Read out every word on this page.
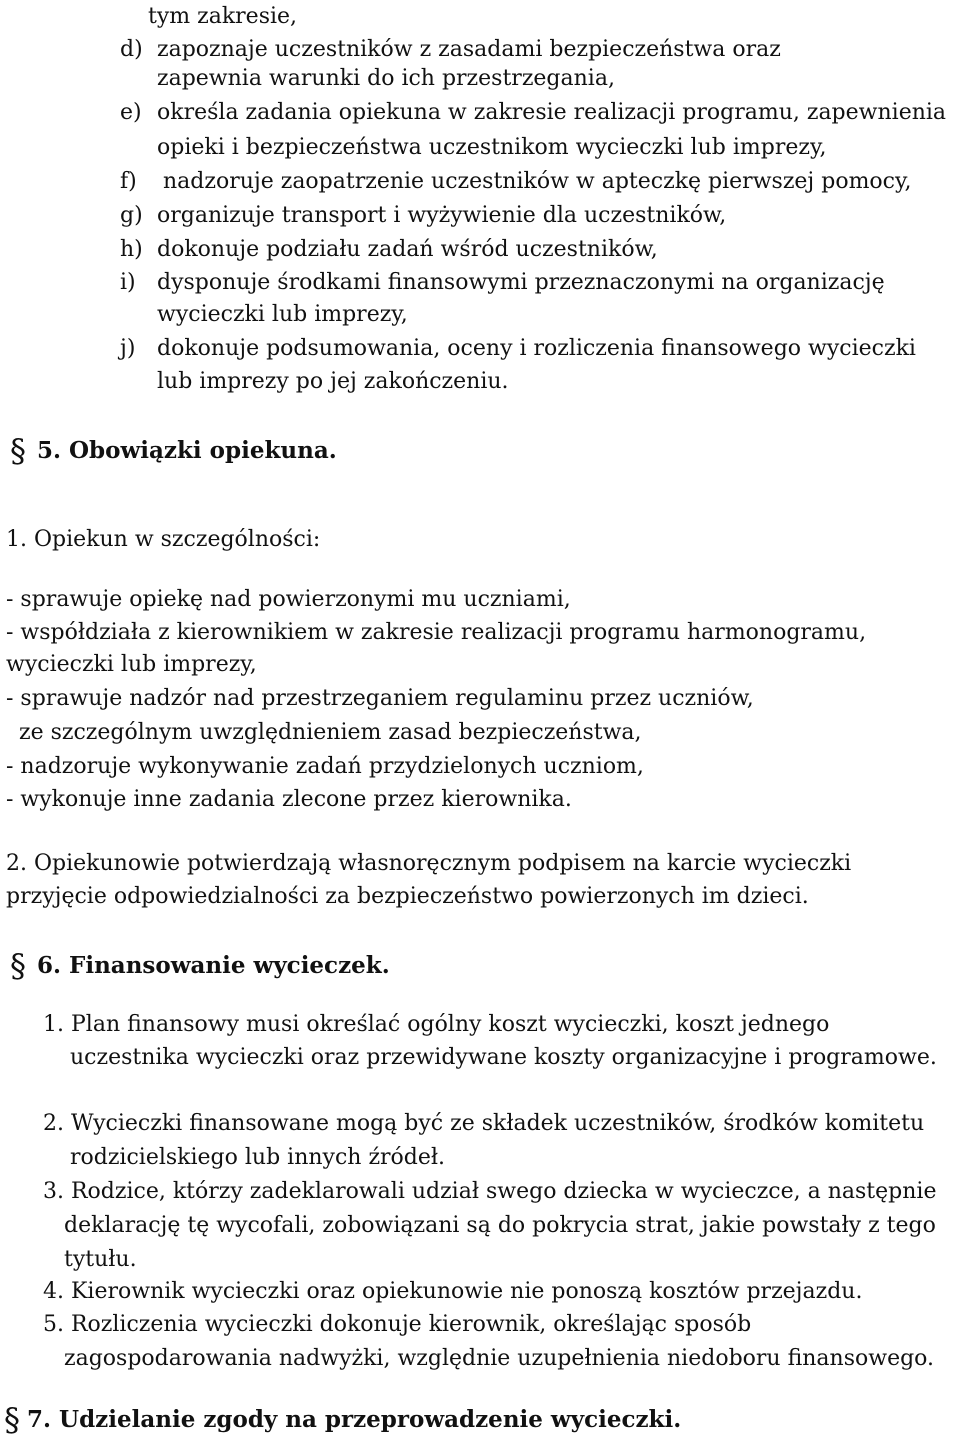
tym zakresie,

d) zapoznaje uczestników z zasadami bezpieczeństwa oraz

zapewnia warunki do ich przestrzegania,

e) określa zadania opiekuna w zakresie realizacji programu, zapewnienia

opieki i bezpieczeństwa uczestnikom wycieczki lub imprezy,

f) nadzoruje zaopatrzenie uczestników w apteczkę pierwszej pomocy,

g) organizuje transport i wyżywienie dla uczestników,

h) dokonuje podziału zadań wśród uczestników,

i) dysponuje środkami finansowymi przeznaczonymi na organizację

wycieczki lub imprezy,

j) dokonuje podsumowania, oceny i rozliczenia finansowego wycieczki

lub imprezy po jej zakończeniu.

§ 5. Obowiązki opiekuna.

1. Opiekun w szczególności:

- sprawuje opiekę nad powierzonymi mu uczniami,

- współdziała z kierownikiem w zakresie realizacji programu harmonogramu,

wycieczki lub imprezy,

- sprawuje nadzór nad przestrzeganiem regulaminu przez uczniów,

ze szczególnym uwzględnieniem zasad bezpieczeństwa,

- nadzoruje wykonywanie zadań przydzielonych uczniom,

- wykonuje inne zadania zlecone przez kierownika.

2. Opiekunowie potwierdzają własnoręcznym podpisem na karcie wycieczki

przyjęcie odpowiedzialności za bezpieczeństwo powierzonych im dzieci.

§ 6. Finansowanie wycieczek.

1. Plan finansowy musi określać ogólny koszt wycieczki, koszt jednego

uczestnika wycieczki oraz przewidywane koszty organizacyjne i programowe.

2. Wycieczki finansowane mogą być ze składek uczestników, środków komitetu

rodzicielskiego lub innych źródeł.

3. Rodzice, którzy zadeklarowali udział swego dziecka w wycieczce, a następnie

deklarację tę wycofali, zobowiązani są do pokrycia strat, jakie powstały z tego

tytułu.

4. Kierownik wycieczki oraz opiekunowie nie ponoszą kosztów przejazdu.

5. Rozliczenia wycieczki dokonuje kierownik, określając sposób

zagospodarowania nadwyżki, względnie uzupełnienia niedoboru finansowego.

§ 7. Udzielanie zgody na przeprowadzenie wycieczki.
